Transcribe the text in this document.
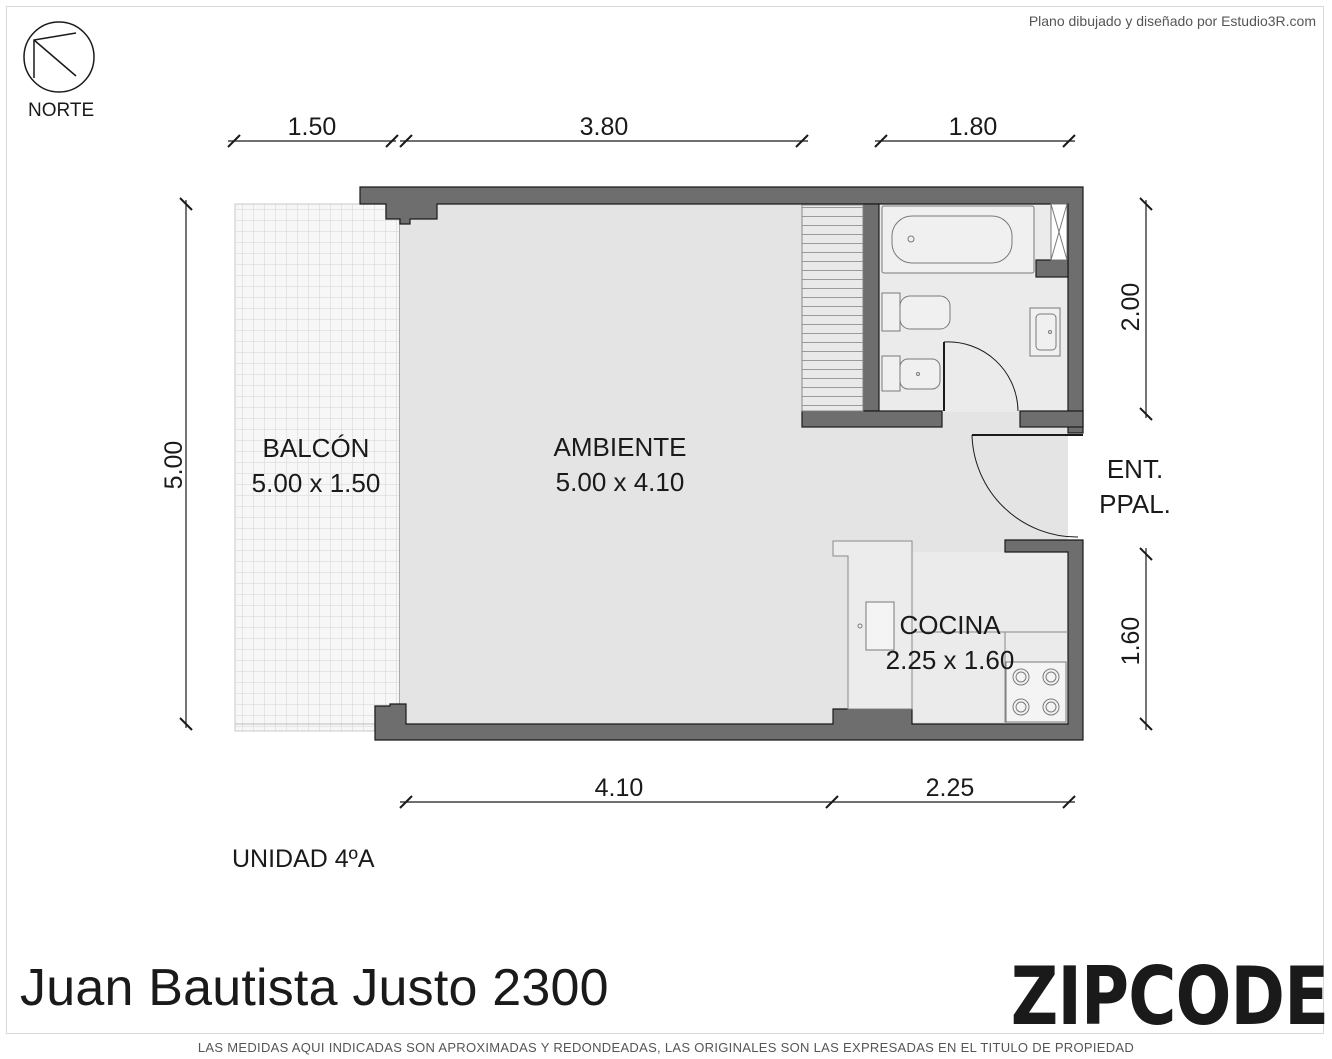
1.50	3.80	1.80
4.10	2.25
5.00
2.00
1.60
BALCÓN
5.00 x 1.50
AMBIENTE
5.00 x 4.10
COCINA
2.25 x 1.60
ENT.
PPAL.
Plano dibujado y diseñado por Estudio3R.com
NORTE
UNIDAD 4ºA
Juan Bautista Justo 2300	ZIPCODE
LAS MEDIDAS AQUI INDICADAS SON APROXIMADAS Y REDONDEADAS, LAS ORIGINALES SON LAS EXPRESADAS EN EL TITULO DE PROPIEDAD
